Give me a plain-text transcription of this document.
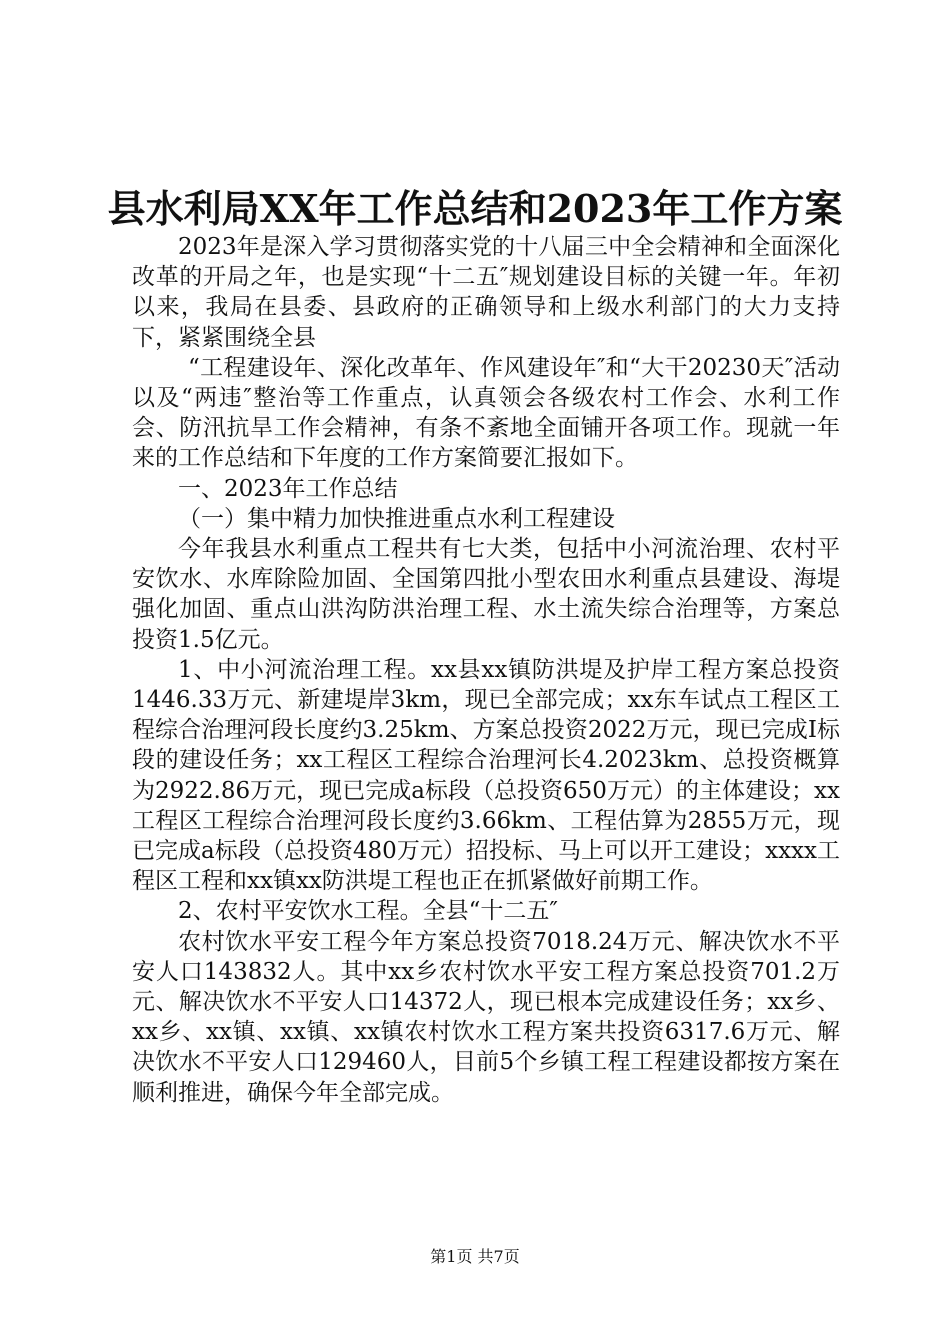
县水利局XX年工作总结和2023年工作方案

2023年是深入学习贯彻落实党的十八届三中全会精神和全面深化改革的开局之年，也是实现“十二五″规划建设目标的关键一年。年初以来，我局在县委、县政府的正确领导和上级水利部门的大力支持下，紧紧围绕全县

“工程建设年、深化改革年、作风建设年″和“大干20230天″活动以及“两违″整治等工作重点，认真领会各级农村工作会、水利工作会、防汛抗旱工作会精神，有条不紊地全面铺开各项工作。现就一年来的工作总结和下年度的工作方案简要汇报如下。

一、2023年工作总结

（一）集中精力加快推进重点水利工程建设

今年我县水利重点工程共有七大类，包括中小河流治理、农村平安饮水、水库除险加固、全国第四批小型农田水利重点县建设、海堤强化加固、重点山洪沟防洪治理工程、水土流失综合治理等，方案总投资1.5亿元。

1、中小河流治理工程。xx县xx镇防洪堤及护岸工程方案总投资1446.33万元、新建堤岸3km，现已全部完成；xx东车试点工程区工程综合治理河段长度约3.25km、方案总投资2022万元，现已完成Ⅰ标段的建设任务；xx工程区工程综合治理河长4.2023km、总投资概算为2922.86万元，现已完成a标段（总投资650万元）的主体建设；xx工程区工程综合治理河段长度约3.66km、工程估算为2855万元，现已完成a标段（总投资480万元）招投标、马上可以开工建设；xxxx工程区工程和xx镇xx防洪堤工程也正在抓紧做好前期工作。

2、农村平安饮水工程。全县“十二五″

农村饮水平安工程今年方案总投资7018.24万元、解决饮水不平安人口143832人。其中xx乡农村饮水平安工程方案总投资701.2万元、解决饮水不平安人口14372人，现已根本完成建设任务；xx乡、xx乡、xx镇、xx镇、xx镇农村饮水工程方案共投资6317.6万元、解决饮水不平安人口129460人，目前5个乡镇工程工程建设都按方案在顺利推进，确保今年全部完成。

第1页 共7页
